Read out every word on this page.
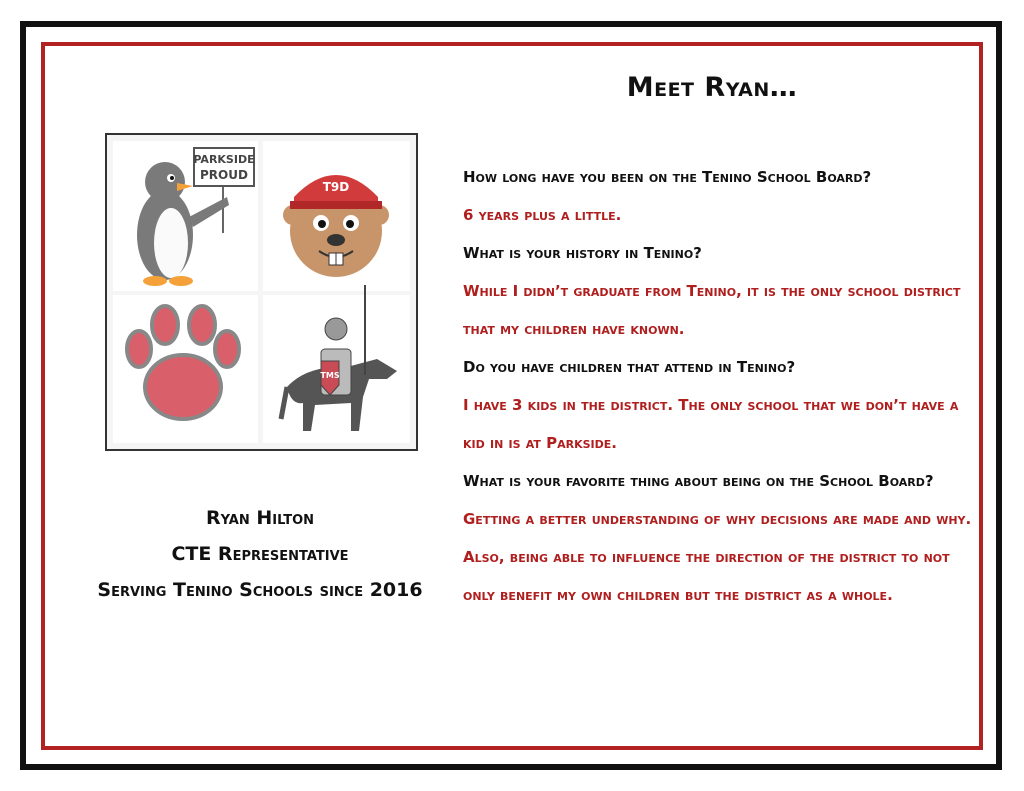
Meet Ryan…
PARKSIDE
PROUD
T9D
TMS
Ryan Hilton
CTE Representative
Serving Tenino Schools since 2016

How long have you been on the Tenino School Board?

6 years plus a little.

What is your history in Tenino?

While I didn’t graduate from Tenino, it is the only school district that my children have known.

Do you have children that attend in Tenino?

I have 3 kids in the district. The only school that we don’t have a kid in is at Parkside.

What is your favorite thing about being on the School Board?

Getting a better understanding of why decisions are made and why. Also, being able to influence the direction of the district to not only benefit my own children but the district as a whole.
